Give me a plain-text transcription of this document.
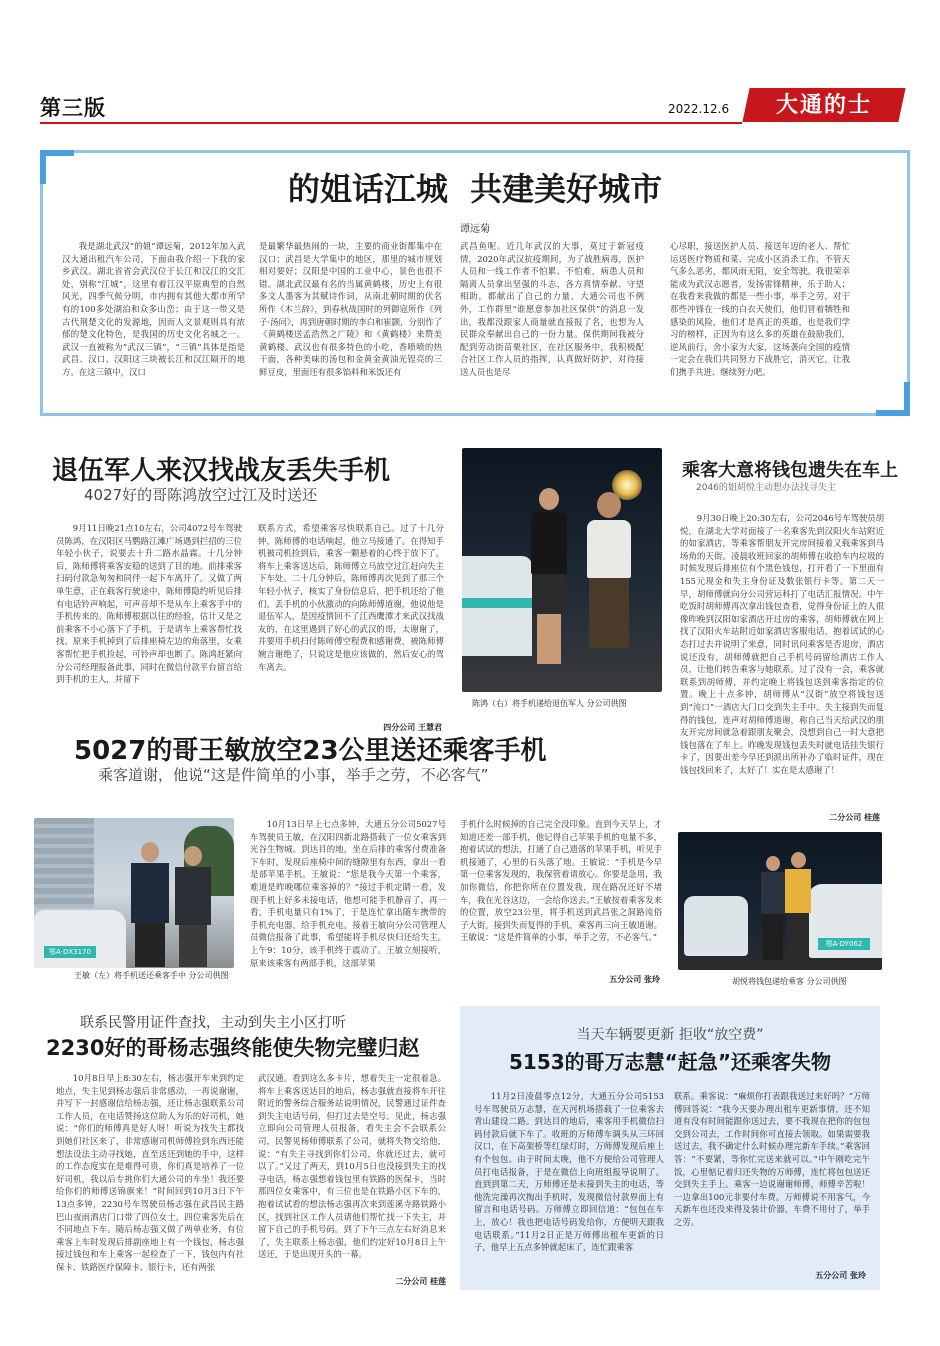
第三版	2022.12.6	大通的士
的姐话江城  共建美好城市
谭远菊

我是湖北武汉“的姐”谭远菊，2012年加入武汉大通出租汽车公司，下面由我介绍一下我的家乡武汉。湖北省省会武汉位于长江和汉江的交汇处，别称“江城”，这里有着江汉平原典型的自然风光，四季气候分明，市内拥有其他大都市所罕有的100多处湖泊和众多山峦；由于这一带又是古代荆楚文化的发源地，因而人文景观则具有浓郁的楚文化特色，是我国的历史文化名城之一。武汉一直被称为“武汉三镇”，“三镇”具体是指是武昌、汉口、汉阳这三块被长江和汉江隔开的地方。在这三镇中，汉口

是最繁华最热闹的一块，主要的商业街都集中在汉口；武昌是大学集中的地区，那里的城市规划相对要好；汉阳是中国的工业中心，景色也很不错。湖北武汉最有名的当属黄鹤楼，历史上有很多文人墨客为其赋诗作词，从南北朝时期的伏名所作《木兰辞》，到春秋战国时的列御寇所作《列子·汤问》，再到唐朝时期的李白和崔颢，分别作了《黄鹤楼送孟浩然之广陵》和《黄鹤楼》来赞美黄鹤楼。武汉也有很多特色的小吃，香喷喷的热干面，各种美味的汤包和金黄金黄油光锃亮的三鲜豆皮，里面还有很多馅料和米饭还有

武昌鱼呢。近几年武汉的大事，莫过于新冠疫情，2020年武汉抗疫期间，为了战胜病毒，医护人员和一线工作者不怕累、不怕难，病患人员和隔离人员拿出坚强的斗志，各方真情奉献、守望相助，都献出了自己的力量，大通公司也不例外，工作群里“谁愿意参加社区保供”的消息一发出，我都没跟家人商量就直接报了名，也想为人民群众奉献出自己的一份力量。保供期间我被分配到劳动街苗栗社区，在社区服务中，我积极配合社区工作人员的指挥，认真做好防护，对待接送人员也是尽

心尽职，接送医护人员、接送年迈的老人、帮忙运送医疗物质和菜、完成小区消杀工作，不管天气多么恶劣，都风雨无阻，安全驾驶。我很荣幸能成为武汉志愿者，发扬雷锋精神，乐于助人；在我看来我做的都是一些小事，举手之劳，对于那些冲锋在一线的白衣天使们，他们冒着牺牲和感染的风险，他们才是真正的英雄，也是我们学习的榜样，正因为有这么多的英雄在鼓励我们，逆风前行，舍小家为大家，这场袭向全国的疫情一定会在我们共同努力下战胜它，消灭它，让我们携手共进、继续努力吧。

退伍军人来汉找战友丢失手机
4027好的哥陈鸿放空过江及时送还

9月11日晚21点10左右，公司4072号车驾驶员陈鸿，在汉阳区马鹦路江滩广场遇到拦招的三位年轻小伙子，说要去十升二路水晶霖。十几分钟后，陈师傅将乘客安稳的送到了目的地。前排乘客扫码付款急匆匆和同伴一起下车离开了。又做了两单生意，正在载客行驶途中，陈师傅隐约听见后排有电话铃声响起，可声音却不是从车上乘客手中的手机传来的。陈师傅根据以往的经验，估计又是之前乘客不小心落下了手机，于是请车上乘客帮忙找找。原来手机掉到了后排座椅左边的角落里，女乘客帮忙把手机捡起，可铃声却也断了。陈鸿赶紧向分公司经理报备此事，同时在微信付款平台留言给到手机的主人，并留下

联系方式，希望乘客尽快联系自己。过了十几分钟，陈师傅的电话响起，他立马接通了。在得知手机被司机捡到后，乘客一颗悬着的心终于放下了。将车上乘客送达后，陈师傅立马放空过江赶向失主下车处。二十几分钟后，陈师傅再次见到了那三个年轻小伙子，核实了身份信息后，把手机还给了他们。丢手机的小伙激动的向陈师傅道谢，他说他是退伍军人，是因疫情回不了江西鹰潭才来武汉找战友的，在这里遇到了好心的武汉的哥，太谢谢了，并要用手机扫付陈师傅空程费和感谢费，被陈师傅婉言谢绝了，只说这是他应该做的，然后安心的驾车离去。

四分公司 王慧君
陈鸿（右）将手机递给退伍军人 分公司供图
乘客大意将钱包遗失在车上
2046的姐胡悦主动想办法找寻失主

9月30日晚上20:30左右，公司2046号车驾驶员胡悦，在湖北大学对面接了一名乘客先到汉阳火车站附近的如家酒店，等乘客帮朋友开完房间接着又载乘客到马场角的天街。凌晨收班回家的胡师傅在收拾车内垃圾的时候发现后排座位有个黑色钱包，打开看了一下里面有155元现金和失主身份证及数张银行卡等。第二天一早，胡师傅就向分公司营运科打了电话汇报情况。中午吃饭时胡师傅再次拿出钱包查看，觉得身份证上的人很像昨晚到汉阳如家酒店开过房的乘客，胡师傅就在网上找了汉阳火车站附近如家酒店客服电话，抱着试试的心态打过去并说明了来意，同时讯问乘客是否退房，酒店说还没有，胡师傅就把自己手机号码留给酒店工作人员，让他们转告乘客与她联系。过了没有一会，乘客就联系到胡师傅，并约定晚上将钱包送到乘客指定的位置。晚上十点多钟，胡师傅从“汉街”放空将钱包送到“沌口”一酒店大门口交到失主手中。失主接到失而复得的钱包，连声对胡师傅道谢，称自己当天给武汉的朋友开完房间就急着跟朋友聚会，没想到自己一时大意把钱包落在了车上。昨晚发现钱包丢失时就电话挂失银行卡了，因要出差今早还到派出所补办了临时证件，现在钱包找回来了，太好了！实在是太感谢了！

二分公司 桂莲
鄂A·DY062
胡悦将钱包递给乘客 分公司供图
5027的哥王敏放空23公里送还乘客手机
乘客道谢，他说“这是件简单的小事，举手之劳，不必客气”
鄂A·DX3170
王敏（左）将手机送还乘客手中 分公司供图

10月13日早上七点多钟，大通五分公司5027号车驾驶员王敏，在汉阳四新北路搭载了一位女乘客到光谷生物城。到达目的地，坐在后排的乘客付费准备下车时，发现后座椅中间的缝隙里有东西，拿出一看是部苹果手机。王敏说：“您是我今天第一个乘客，难道是昨晚哪位乘客掉的？”接过手机定睛一看，发现手机上好多未接电话，他想可能手机静音了，再一看，手机电量只有1%了，于是连忙拿出随车携带的手机充电器，给手机充电。接着王敏向分公司管理人员微信报备了此事，希望能将手机尽快归还给失主。上午9：10分，该手机终于震动了。王敏立刻接听，原来该乘客有两部手机，这部苹果

手机什么时候掉的自己完全没印象。直到今天早上，才知道还差一部手机，他记得自己苹果手机的电量不多，抱着试试的想法，打通了自己遗落的苹果手机，听见手机接通了，心里的石头落了地。王敏说：“手机是今早第一位乘客发现的，我保管着请放心。你要是急用，我加你微信，你把你所在位置发我，现在路况还好不堵车，我在光谷这边，一会给你送去。”王敏按着乘客发来的位置，放空23公里，将手机送到武昌张之洞路沌俗子大街。接到失而复得的手机，乘客再三向王敏道谢。王敏说：“这是件简单的小事，举手之劳，不必客气。”

五分公司 张玲
联系民警用证件查找，主动到失主小区打听
2230好的哥杨志强终能使失物完璧归赵

10月8日早上8:30左右，杨志强开车来到约定地点，失主见到杨志强后非常感动，一再说谢谢，并写下一封感谢信给杨志强，还让杨志强联系公司工作人员，在电话赞扬这位助人为乐的好司机，她说：“你们的师傅真是好人呀！听说为找失主都找到她们社区来了，非常感谢司机师傅捡到东西还能想法设法主动寻找她，直至送还到她的手中，这样的工作态度实在是难得可贵，你们真是培养了一位好司机，我以后专挑你们大通公司的车坐！我还要给你们的师傅送锦旗来！”时间回到10月3日下午13点多钟，2230号车驾驶员杨志强在武昌民主路巴山夜雨酒店门口带了四位女士，四位乘客先后在不同地点下车。随后杨志强又做了两单业务，有位乘客上车时发现后排副座地上有一个钱包，杨志强接过钱包和车上乘客一起检查了一下，钱包内有社保卡、铁路医疗保障卡、银行卡，还有两张

武汉通。看到这么多卡片，想着失主一定很着急。将车上乘客送达目的地后，杨志强就直接将车开往附近的警务综合服务站说明情况，民警通过证件查到失主电话号码，但打过去是空号。见此，杨志强立即向公司管理人员报备，看失主会不会联系公司，民警见杨师傅联系了公司，就将失物交给他，说：“有失主寻找到你们公司，你就还过去，就可以了。”又过了两天，到10月5日也没接到失主的找寻电话，杨志强想着钱包里有铁路的医保卡，当时那四位女乘客中，有三位也是在铁路小区下车的，抱着试试看的想法杨志强再次来到莲溪寺路铁路小区，找到社区工作人员请他们帮忙找一下失主，并留下自己的手机号码。到了下午三点左右好消息来了，失主联系上杨志强，他们约定好10月8日上午送还，于是出现开头的一幕。

二分公司 桂莲
当天车辆要更新 拒收“放空费”
5153的哥万志慧“赶急”还乘客失物

11月2日凌晨零点12分，大通五分公司5153号车驾驶员万志慧，在天河机场搭载了一位乘客去青山建设二路。到达目的地后，乘客用手机微信扫码付款后就下车了。收班的万师傅车调头从三环回汉口，在下高架桥等红绿灯时，万师傅发现后座上有个包包。由于时间太晚，他不方便给公司管理人员打电话报备，于是在微信上向班组报导说明了。直到到第二天，万师傅还是未接到失主的电话，等他洗完澡再次掏出手机时，发现微信付款界面上有留言和电话号码。万师傅立即回信道：“包包在车上，放心！我也把电话号码发给你，方便明天跟我电话联系。”11月2日正是万师傅出租车更新的日子，他早上五点多钟就起床了，连忙跟乘客

联系。乘客说：“麻烦你打表跟我送过来好吗？”万师傅回答说：“我今天要办理出租车更新事情，还不知道有没有时间能跟你送过去，要不我现在把你的包包交到公司去，工作时间你可直接去领取。如果需要我送过去，我不确定什么时候办理完新车手续。”乘客回答：“不要紧，等你忙完送来就可以。”中午刚吃完午饭，心里惦记着归还失物的万师傅，连忙将包包送还交到失主手上。乘客一边说谢谢师傅，师傅辛苦啦！一边拿出100元非要付车费。万师傅说不用客气，今天新车也还没来得及装计价器，车费不用付了，举手之劳。

五分公司 张玲
